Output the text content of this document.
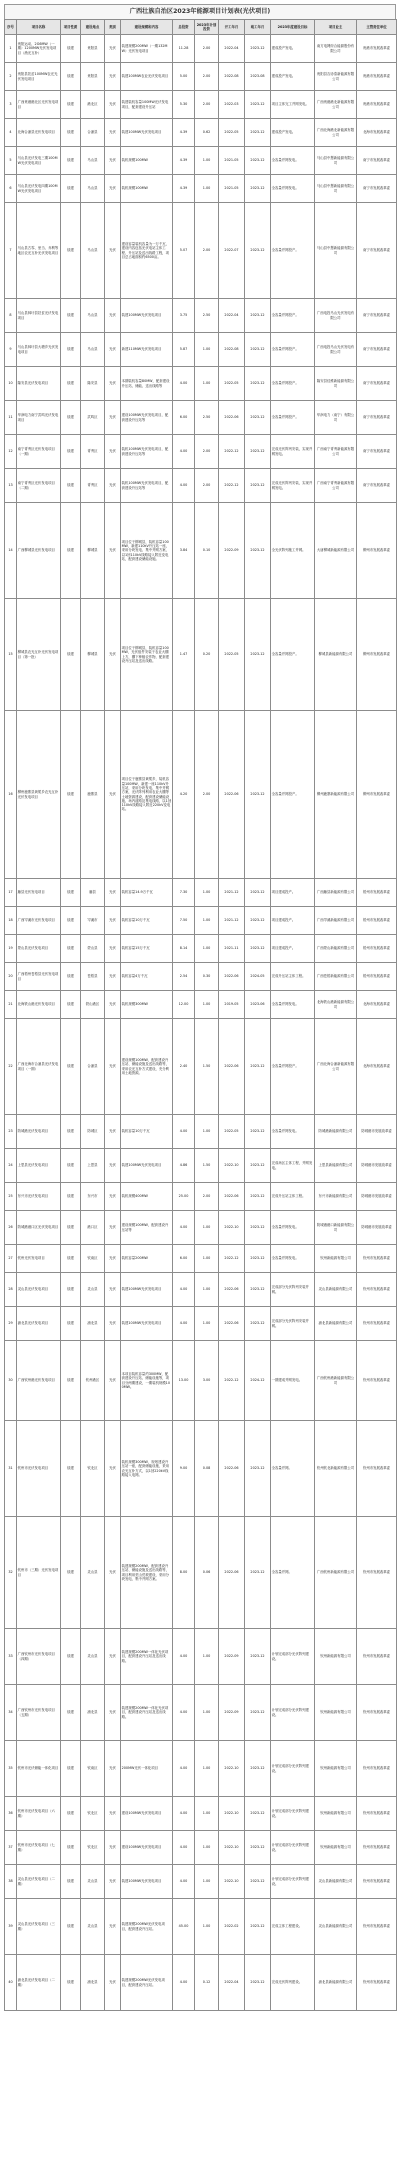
广西壮族自治区2023年能源项目计划表(光伏项目)
序号	项目名称	项目性质	建设地点	类别	建设规模和内容	总投资	2023年计划投资	开工年月	竣工年月	2023年度建设目标	项目业主	主管责任单位
1	贵阳运动、2G6MW（一期）1200MW光伏发电项目（渔光互补）	续建	贵阳县	光伏	装建规模200MW（一期132MW）光伏发电项目	11.28	2.00	2022-04	2023-12	建成投产发电。	南方电网综合能源股份有限公司	贵港市发展改革委
2	贵阳县扶贫100MW农光光伏发电项目	续建	贵阳县	光伏	装建100MW农业光伏发电项目	5.00	2.00	2022-08	2023-08	建成投产发电。	贵阳县吉协泰新能源有限公司	贵港市发展改革委
3	广西贵港港北区光伏发电项目	续建	港北区	光伏	装建装机容量100MW光伏发电项目，配套建设升压站	5.30	2.00	2022-03	2023-12	项目主体完工并网发电。	广西贵港港北新能源有限公司	贵港市发展改革委
4	北海合浦县光伏发电项目	续建	合浦县	光伏	装建100MW光伏发电项目	4.39	0.62	2022-05	2023-12	建成投产发电。	广西北海港北新能源有限公司	北海市发展改革委
5	马山县光伏发电三期100MW光伏发电项目	续建	马山县	光伏	装机规模100MW	4.39	1.00	2021-05	2023-12	全容量并网发电。	马山县中慧新能源有限公司	南宁市发展改革委
6	马山县光伏发电四期100MW光伏发电项目	续建	马山县	光伏	装机规模100MW	4.39	1.00	2021-05	2023-12	全容量并网发电。	马山县中慧新能源有限公司	南宁市发展改革委
7	马山县古零、里当、乔利等地区农光互补光伏发电项目	续建	马山县	光伏	建设容量装机容量为一万千瓦，建设内容包括光伏电站主体工程、升压站及送出线路工程，项目总占地面积约6500亩。	5.07	2.00	2022-07	2023-12	全容量并网投产。	马山县中慧新能源有限公司	南宁市发展改革委
8	马山县林圩县扶贫光伏发电项目	续建	马山县	光伏	装建100MW光伏发电项目	3.75	2.50	2022-04	2023-12	全容量并网投产。	广西电投马山光伏发电有限公司	南宁市发展改革委
9	马山县林圩县大塘乡光伏发电项目	续建	马山县	光伏	新建110MW光伏发电项目	5.87	1.00	2022-08	2023-12	全容量并网投产。	广西电投马山光伏发电有限公司	南宁市发展改革委
10	隆安县光伏发电项目	续建	隆安县	光伏	本期装机容量80MW，配套建设升压站、储能、送出线路等	4.00	1.00	2022-05	2023-12	全容量并网投产。	隆安县佳维新能源有限公司	南宁市发展改革委
11	华润电力南宁武鸣光伏发电项目	续建	武鸣区	光伏	建设100MW光伏发电项目，配套建设升压站等	6.00	2.50	2022-06	2023-12	全容量并网投产。	华润电力（南宁）有限公司	南宁市发展改革委
12	南宁青秀区光伏发电项目（一期）	续建	青秀区	光伏	装机100MW光伏发电项目，配套建设升压站等	4.00	2.00	2022-12	2023-12	完成光伏阵列安装，实现并网发电。	广西南宁青秀新能源有限公司	南宁市发展改革委
13	南宁青秀区光伏发电项目（二期）	续建	青秀区	光伏	装机100MW光伏发电项目，配套建设升压站等	4.00	2.00	2022-12	2023-12	完成光伏阵列安装，实现并网发电。	广西南宁青秀新能源有限公司	南宁市发展改革委
14	广西柳城县光伏发电项目	续建	柳城县	光伏	项目位于柳城县，装机容量100MW，新建110kV升压站一座，采用分块发电、集中并网方案，以1回110kV线路接入附近变电站，配套建设储能设施。	3.84	0.10	2022-09	2023-12	全光伏阵列施工并网。	大唐柳城新能源有限公司	柳州市发展改革委
15	柳城县农光互补光伏发电项目（第一批）	续建	柳城县	光伏	项目位于柳城县，装机容量100MW，光伏组件安装于农业大棚上方，棚下种植农作物，配套建设升压站及送出线路。	1.47	0.20	2022-05	2023-12	全容量并网投产。	柳城县新能源有限公司	柳州市发展改革委
16	柳州鹿寨县黄冕乡农光互补光伏发电项目	续建	鹿寨县	光伏	项目位于鹿寨县黄冕乡，装机容量100MW，新建一座110kV升压站，采用分块发电、集中并网方案，光伏阵列利用农业大棚等土地资源建设，配套建设储能设施、场内道路及集电线路，以1回110kV线路接入附近220kV变电站。	4.20	2.00	2022-06	2023-12	全容量并网投产。	柳州鹿寨新能源有限公司	柳州市发展改革委
17	藤县光伏发电项目	续建	藤县	光伏	装机容量14.9万千瓦	7.30	1.00	2021-12	2023-12	项目建成投产。	广西藤县新能源有限公司	梧州市发展改革委
18	广西岑溪市光伏发电项目	续建	岑溪市	光伏	装机容量10万千瓦	7.50	1.00	2021-12	2023-12	项目建成投产。	广西岑溪新能源有限公司	梧州市发展改革委
19	蒙山县光伏发电项目	续建	蒙山县	光伏	装机容量15万千瓦	8.14	1.00	2021-11	2023-12	项目建成投产。	广西蒙山新能源有限公司	梧州市发展改革委
20	广西梧州苍梧县光伏发电项目	续建	苍梧县	光伏	装机容量4万千瓦	2.54	0.30	2022-06	2024-05	完成升压站主体工程。	广西苍梧新能源有限公司	梧州市发展改革委
21	北海铁山港光伏发电项目	续建	铁山港区	光伏	装机规模300MW	12.00	1.00	2019-05	2023-06	全容量并网发电。	北海铁山港新能源有限公司	北海市发展改革委
22	广西北海市合浦县光伏发电项目（一期）	续建	合浦县	光伏	建设规模100MW，配套建设升压站、储能设施及送出线路等，采用农光互补方式建设，充分利用土地资源。	2.40	1.50	2022-06	2023-12	全容量并网投产。	广西北海合浦新能源有限公司	北海市发展改革委
23	防城港光伏发电项目	续建	防城区	光伏	装机容量10万千瓦	4.00	1.00	2022-05	2023-12	全容量并网发电。	防城港新能源有限公司	防城港市发展改革委
24	上思县光伏发电项目	续建	上思县	光伏	装建100MW光伏发电项目	4.86	1.50	2022-10	2023-12	完成场区主体工程，并网发电。	上思县新能源有限公司	防城港市发展改革委
25	东兴市光伏发电项目	续建	东兴市	光伏	装机规模400MW	25.00	2.00	2022-06	2023-12	完成升压站主体工程。	东兴市新能源有限公司	防城港市发展改革委
26	防城港港口区光伏发电项目	续建	港口区	光伏	建设规模100MW，配套建设升压站等	4.00	1.00	2022-10	2023-12	全容量并网发电。	防城港港口新能源有限公司	防城港市发展改革委
27	钦州光伏发电项目	续建	钦南区	光伏	装机容量200MW	6.00	1.00	2022-12	2023-12	全容量并网发电。	钦州新能源有限公司	钦州市发展改革委
28	灵山县光伏发电项目	续建	灵山县	光伏	装建100MW光伏发电项目	4.00	1.00	2022-06	2023-12	完成部分光伏阵列安装并网。	灵山县新能源有限公司	钦州市发展改革委
29	浦北县光伏发电项目	续建	浦北县	光伏	装建100MW光伏发电项目	4.00	1.00	2022-06	2023-12	完成部分光伏阵列安装并网。	浦北县新能源有限公司	钦州市发展改革委
30	广西钦州港光伏发电项目	续建	钦州港区	光伏	本项目装机容量约300MW，配套建设升压站、储能设施等，项目分两期建设，一期装机规模100MW。	13.00	3.00	2022-12	2024-12	一期建成并网发电。	广西钦州港新能源有限公司	钦州市发展改革委
31	钦州市光伏发电项目	续建	钦北区	光伏	装机规模300MW，规划建设升压站一座，配套储能设施，采用农光互补方式，以1回220kV线路接入电网。	9.00	0.08	2022-06	2023-12	全容量并网。	钦州钦北新能源有限公司	钦州市发展改革委
32	钦州市（三期）光伏发电项目	续建	灵山县	光伏	装建规模200MW，配套建设升压站、储能设施及送出线路等，项目利用荒山荒坡建设，采用分块发电、集中并网方案。	8.00	0.06	2022-06	2023-12	全容量并网。	广西钦州新能源有限公司	钦州市发展改革委
33	广西钦州市光伏发电项目（四期）	续建	灵山县	光伏	装建规模200MW一体化光伏项目，配套建设升压站及送出线路。	4.00	1.00	2022-09	2023-12	计划完成部分光伏阵列建设。	钦州新能源有限公司	钦州市发展改革委
34	广西钦州市光伏发电项目（五期）	续建	浦北县	光伏	装建规模200MW一体化光伏项目，配套建设升压站及送出线路。	4.00	1.00	2022-09	2023-12	计划完成部分光伏阵列建设。	钦州新能源有限公司	钦州市发展改革委
35	钦州市光伏储能一体化项目	续建	钦南区	光伏	200MW光伏一体化项目	4.00	1.00	2022-10	2023-12	计划完成部分光伏阵列建设。	钦州新能源有限公司	钦州市发展改革委
36	钦州市光伏发电项目（六期）	续建	钦北区	光伏	建设100MW光伏发电项目	4.00	1.00	2022-10	2023-12	计划完成部分光伏阵列建设。	钦州新能源有限公司	钦州市发展改革委
37	钦州市光伏发电项目（七期）	续建	钦北区	光伏	建设100MW光伏发电项目	4.00	1.00	2022-10	2023-12	计划完成部分光伏阵列建设。	钦州新能源有限公司	钦州市发展改革委
38	灵山县光伏发电项目（二期）	续建	灵山县	光伏	装建100MW光伏发电项目	4.00	1.00	2022-10	2023-12	计划完成部分光伏阵列建设。	灵山县新能源有限公司	钦州市发展改革委
39	灵山县光伏发电项目（三期）	续建	灵山县	光伏	装建规模200MW光伏发电项目，配套建设升压站。	45.00	1.00	2022-02	2023-12	完成主体工程建设。	灵山县新能源有限公司	钦州市发展改革委
40	浦北县光伏发电项目（二期）	续建	浦北县	光伏	装建规模200MW光伏发电项目，配套建设升压站。	4.00	0.12	2022-04	2023-12	完成光伏阵列建设。	浦北县新能源有限公司	钦州市发展改革委
